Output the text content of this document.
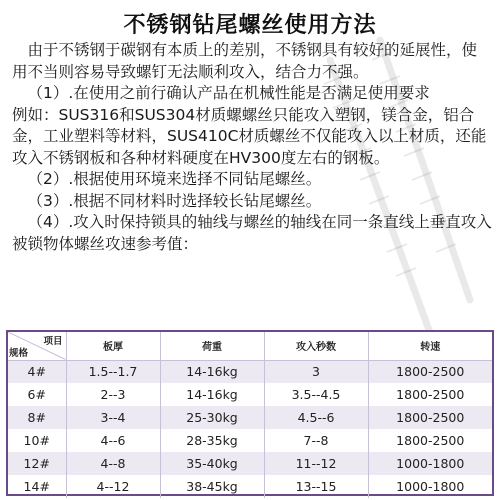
不锈钢钻尾螺丝使用方法

由于不锈钢于碳钢有本质上的差别，不锈钢具有较好的延展性，使用不当则容易导致螺钉无法顺利攻入，结合力不强。

（1）.在使用之前行确认产品在机械性能是否满足使用要求

例如：SUS316和SUS304材质螺螺丝只能攻入塑钢，镁合金，铝合金，工业塑料等材料，SUS410C材质螺丝不仅能攻入以上材质，还能攻入不锈钢板和各种材料硬度在HV300度左右的钢板。

（2）.根据使用环境来选择不同钻尾螺丝。

（3）.根据不同材料时选择较长钻尾螺丝。

（4）.攻入时保持锁具的轴线与螺丝的轴线在同一条直线上垂直攻入被锁物体螺丝攻速参考值：

项目
规格	板厚	荷重	攻入秒数	转速
4#	1.5--1.7	14-16kg	3	1800-2500
6#	2--3	14-16kg	3.5--4.5	1800-2500
8#	3--4	25-30kg	4.5--6	1800-2500
10#	4--6	28-35kg	7--8	1800-2500
12#	4--8	35-40kg	11--12	1000-1800
14#	4--12	38-45kg	13--15	1000-1800
